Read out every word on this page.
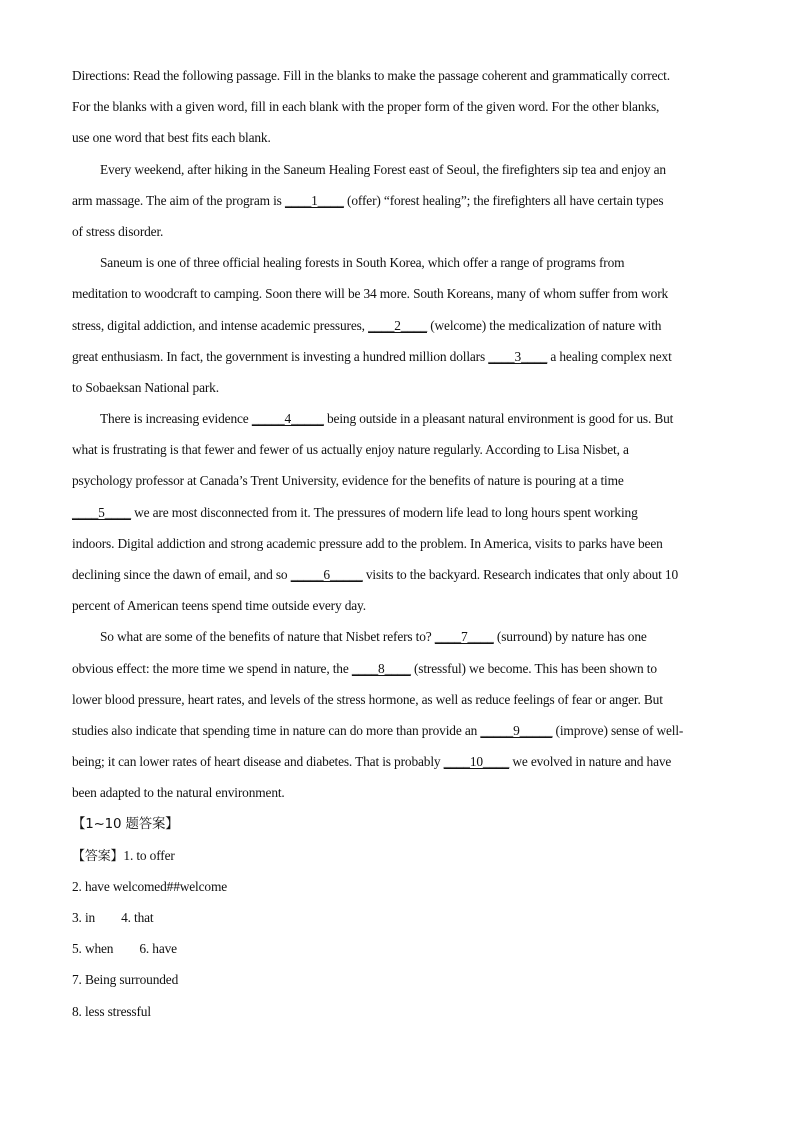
Directions: Read the following passage. Fill in the blanks to make the passage coherent and grammatically correct.
For the blanks with a given word, fill in each blank with the proper form of the given word. For the other blanks,
use one word that best fits each blank.
Every weekend, after hiking in the Saneum Healing Forest east of Seoul, the firefighters sip tea and enjoy an
arm massage. The aim of the program is ____1____ (offer) “forest healing”; the firefighters all have certain types
of stress disorder.
Saneum is one of three official healing forests in South Korea, which offer a range of programs from
meditation to woodcraft to camping. Soon there will be 34 more. South Koreans, many of whom suffer from work
stress, digital addiction, and intense academic pressures, ____2____ (welcome) the medicalization of nature with
great enthusiasm. In fact, the government is investing a hundred million dollars ____3____ a healing complex next
to Sobaeksan National park.
There is increasing evidence _____4_____ being outside in a pleasant natural environment is good for us. But
what is frustrating is that fewer and fewer of us actually enjoy nature regularly. According to Lisa Nisbet, a
psychology professor at Canada’s Trent University, evidence for the benefits of nature is pouring at a time
____5____ we are most disconnected from it. The pressures of modern life lead to long hours spent working
indoors. Digital addiction and strong academic pressure add to the problem. In America, visits to parks have been
declining since the dawn of email, and so _____6_____ visits to the backyard. Research indicates that only about 10
percent of American teens spend time outside every day.
So what are some of the benefits of nature that Nisbet refers to? ____7____ (surround) by nature has one
obvious effect: the more time we spend in nature, the ____8____ (stressful) we become. This has been shown to
lower blood pressure, heart rates, and levels of the stress hormone, as well as reduce feelings of fear or anger. But
studies also indicate that spending time in nature can do more than provide an _____9_____ (improve) sense of well-
being; it can lower rates of heart disease and diabetes. That is probably ____10____ we evolved in nature and have
been adapted to the natural environment.
【1~10 题答案】
【答案】1. to offer
2. have welcomed##welcome
3. in 4. that
5. when 6. have
7. Being surrounded
8. less stressful
